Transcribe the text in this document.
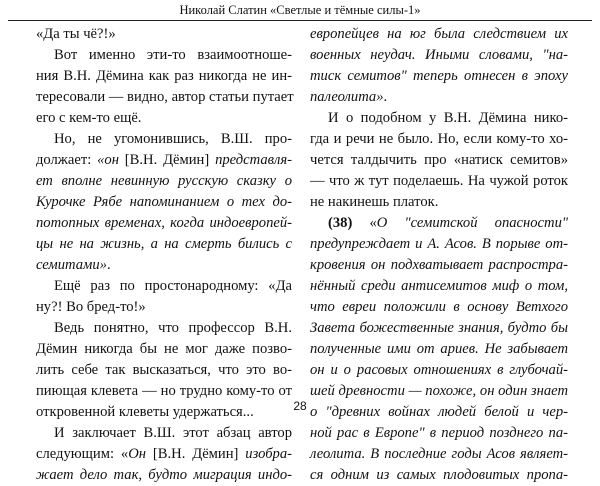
Николай Слатин «Светлые и тёмные силы-1»
«Да ты чё?!»
Вот именно эти-то взаимоотноше-
ния В.Н. Дёмина как раз никогда не ин-
тересовали — видно, автор статьи путает
его с кем-то ещё.
Но, не угомонившись, В.Ш. про-
должает: «он [В.Н. Дёмин] представля-
ет вполне невинную русскую сказку о
Курочке Рябе напоминанием о тех до-
потопных временах, когда индоевропей-
цы не на жизнь, а на смерть бились с
семитами».
Ещё раз по простонародному: «Да
ну?! Во бред-то!»
Ведь понятно, что профессор В.Н.
Дёмин никогда бы не мог даже позво-
лить себе так высказаться, что это во-
пиющая клевета — но трудно кому-то от
откровенной клеветы удержаться...
И заключает В.Ш. этот абзац автор
следующим: «Он [В.Н. Дёмин] изобра-
жает дело так, будто миграция индо-
европейцев на юг была следствием их
военных неудач. Иными словами, "на-
тиск семитов" теперь отнесен в эпоху
палеолита».
И о подобном у В.Н. Дёмина нико-
гда и речи не было. Но, если кому-то хо-
чется талдычить про «натиск семитов»
— что ж тут поделаешь. На чужой роток
не накинешь платок.
(38) «О "семитской опасности"
предупреждает и А. Асов. В порыве от-
кровения он подхватывает распростра-
нённый среди антисемитов миф о том,
что евреи положили в основу Ветхого
Завета божественные знания, будто бы
полученные ими от ариев. Не забывает
он и о расовых отношениях в глубочай-
шей древности — похоже, он один знает
о "древних войнах людей белой и чер-
ной рас в Европе" в период позднего па-
леолита. В последние годы Асов являет-
ся одним из самых плодовитых пропа-
28
